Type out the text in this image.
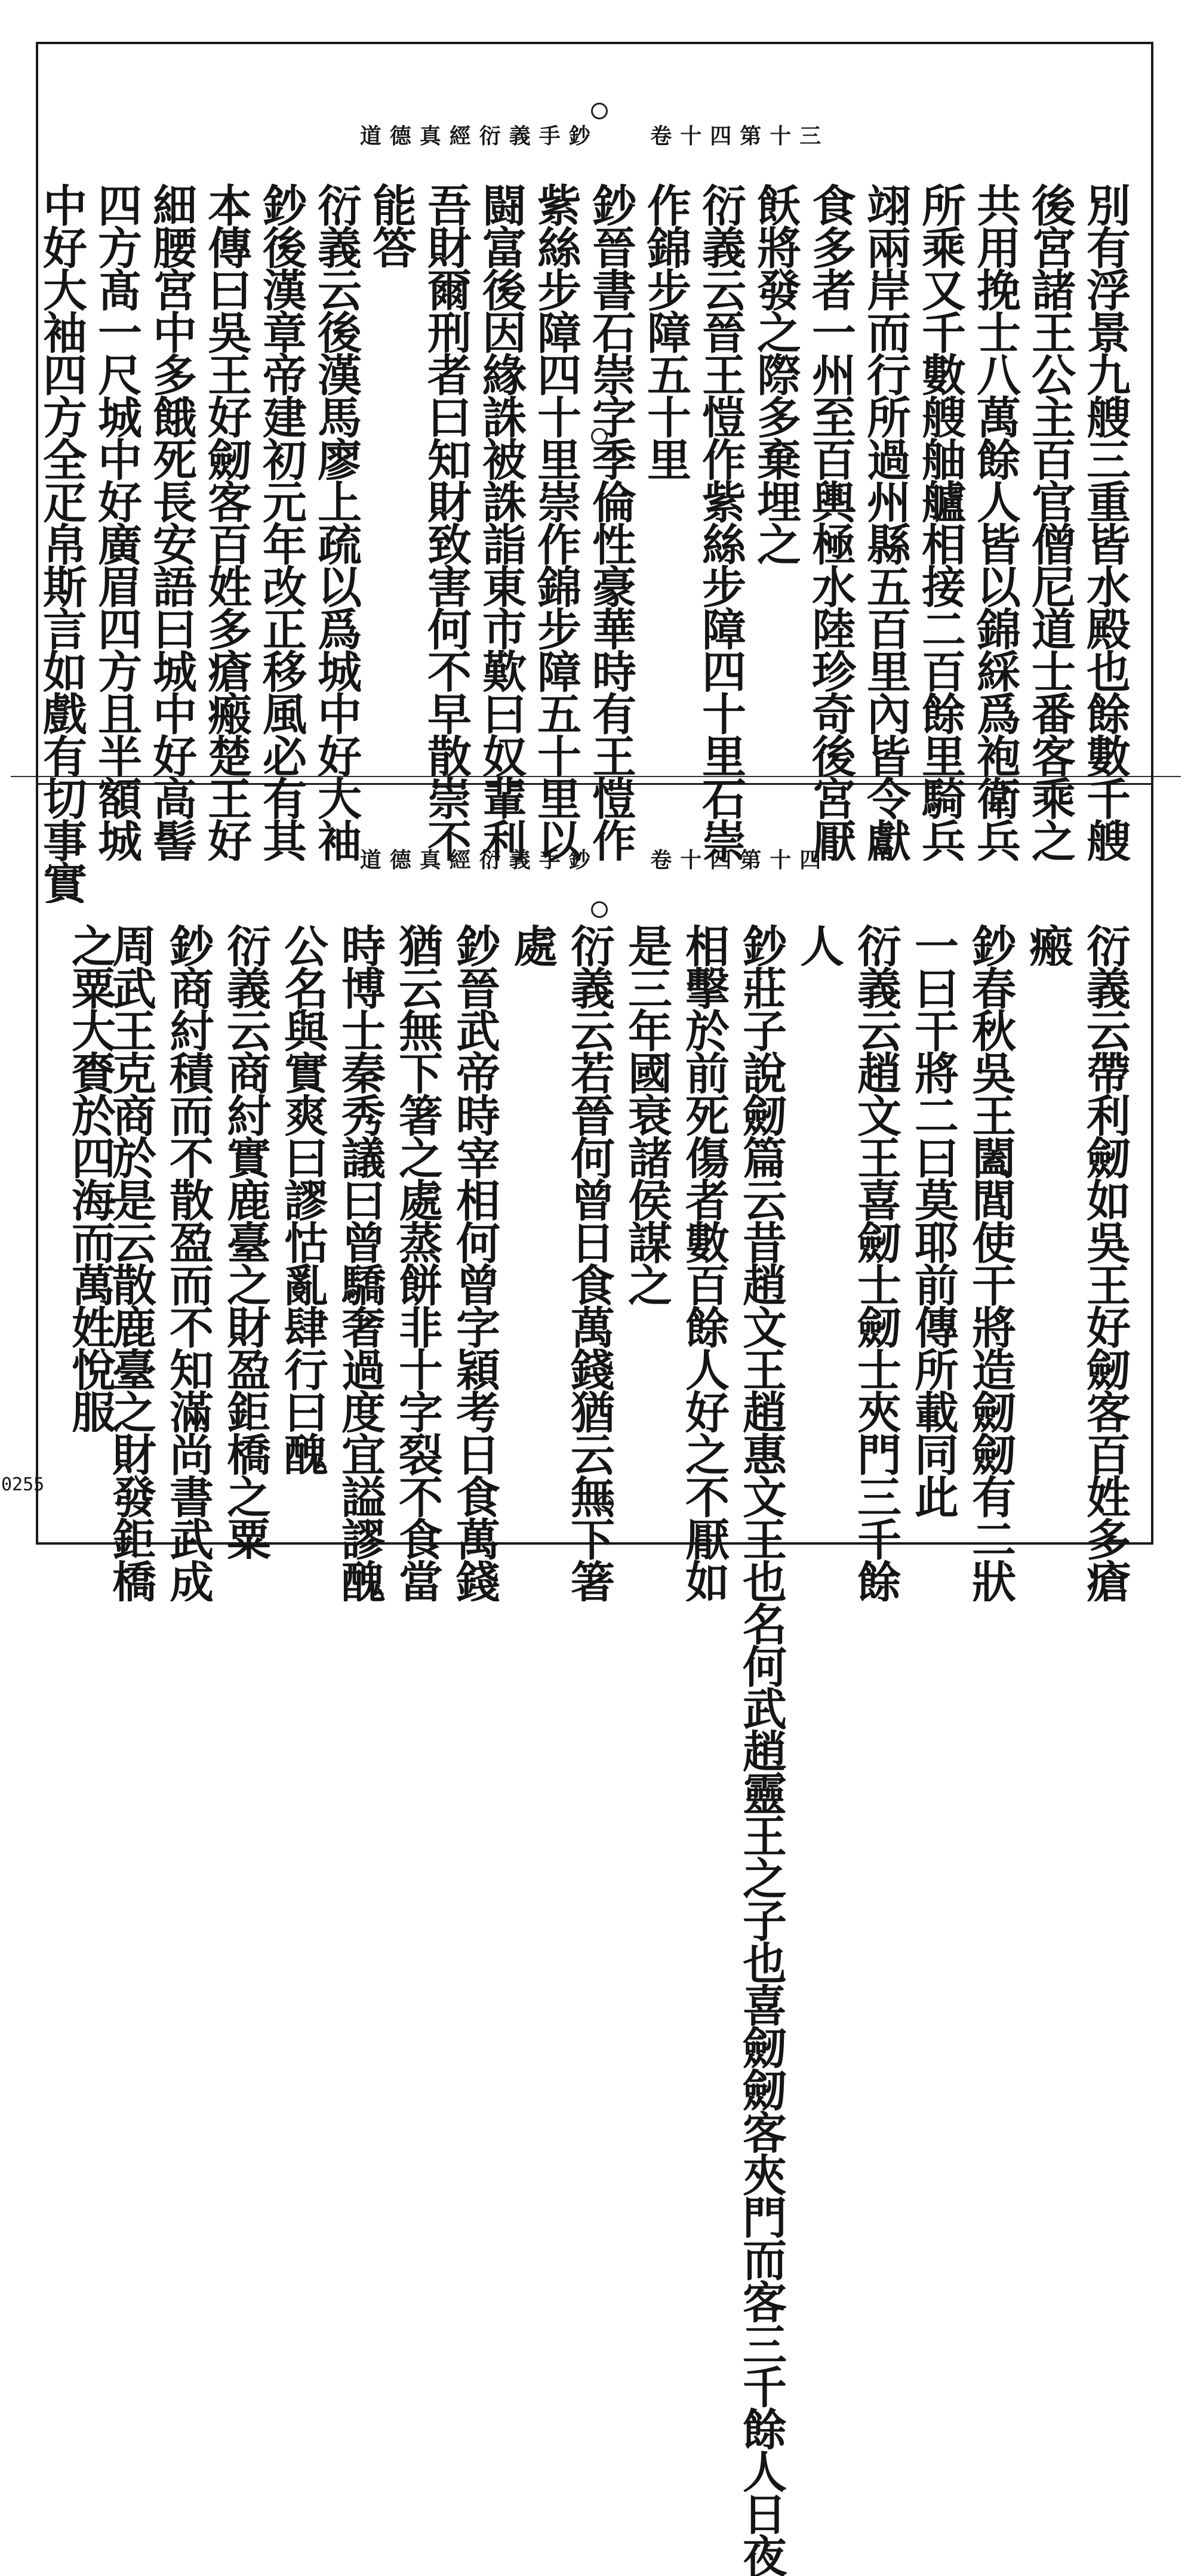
道德真經衍義手鈔 卷十四第十三
別有浮景九艘三重皆水殿也餘數千艘
後宮諸王公主百官僧尼道士番客乘之
共用挽士八萬餘人皆以錦綵爲袍衛兵
所乘又千數艘舳艫相接二百餘里騎兵
翊兩岸而行所過州縣五百里內皆令獻
食多者一州至百輿極水陸珍奇後宮厭
飫將發之際多棄埋之
衍義云晉王愷作紫絲步障四十里石崇
作錦步障五十里
鈔晉書石崇字季倫性豪華時有王愷作
紫絲步障四十里崇作錦步障五十里以
闘富後因緣誅被誅詣東市歎曰奴輩利
吾財爾刑者曰知財致害何不早散崇不
能答
衍義云後漢馬廖上疏以爲城中好大袖
鈔後漢章帝建初元年改正移風必有其
本傳曰吳王好劒客百姓多瘡瘢楚王好
細腰宮中多餓死長安語曰城中好高髻
四方髙一尺城中好廣眉四方且半額城
中好大袖四方全疋帛斯言如戲有切事實	道德真經衍義手鈔 卷十四第十四
衍義云帶利劒如吳王好劒客百姓多瘡
瘢
鈔春秋吳王闔閭使干將造劒劒有二狀
一曰干將二曰莫耶前傳所載同此
衍義云趙文王喜劒士劒士夾門三千餘
人
鈔莊子說劒篇云昔趙文王趙惠文王也名何武趙靈王之子也喜劒劒客夾門而客三千餘人日夜
相擊於前死傷者數百餘人好之不厭如
是三年國衰諸侯謀之
衍義云若晉何曾日食萬錢猶云無下箸
處
鈔晉武帝時宰相何曾字穎考日食萬錢
猶云無下箸之處蒸餅非十字裂不食當
時博士秦秀議曰曾驕奢過度宜謚謬醜
公名與實爽曰謬怙亂肆行曰醜
衍義云商紂實鹿臺之財盈鉅橋之粟
鈔商紂積而不散盈而不知滿尚書武成
周武王克商於是云散鹿臺之財發鉅橋
之粟大賚於四海而萬姓悅服
0255
